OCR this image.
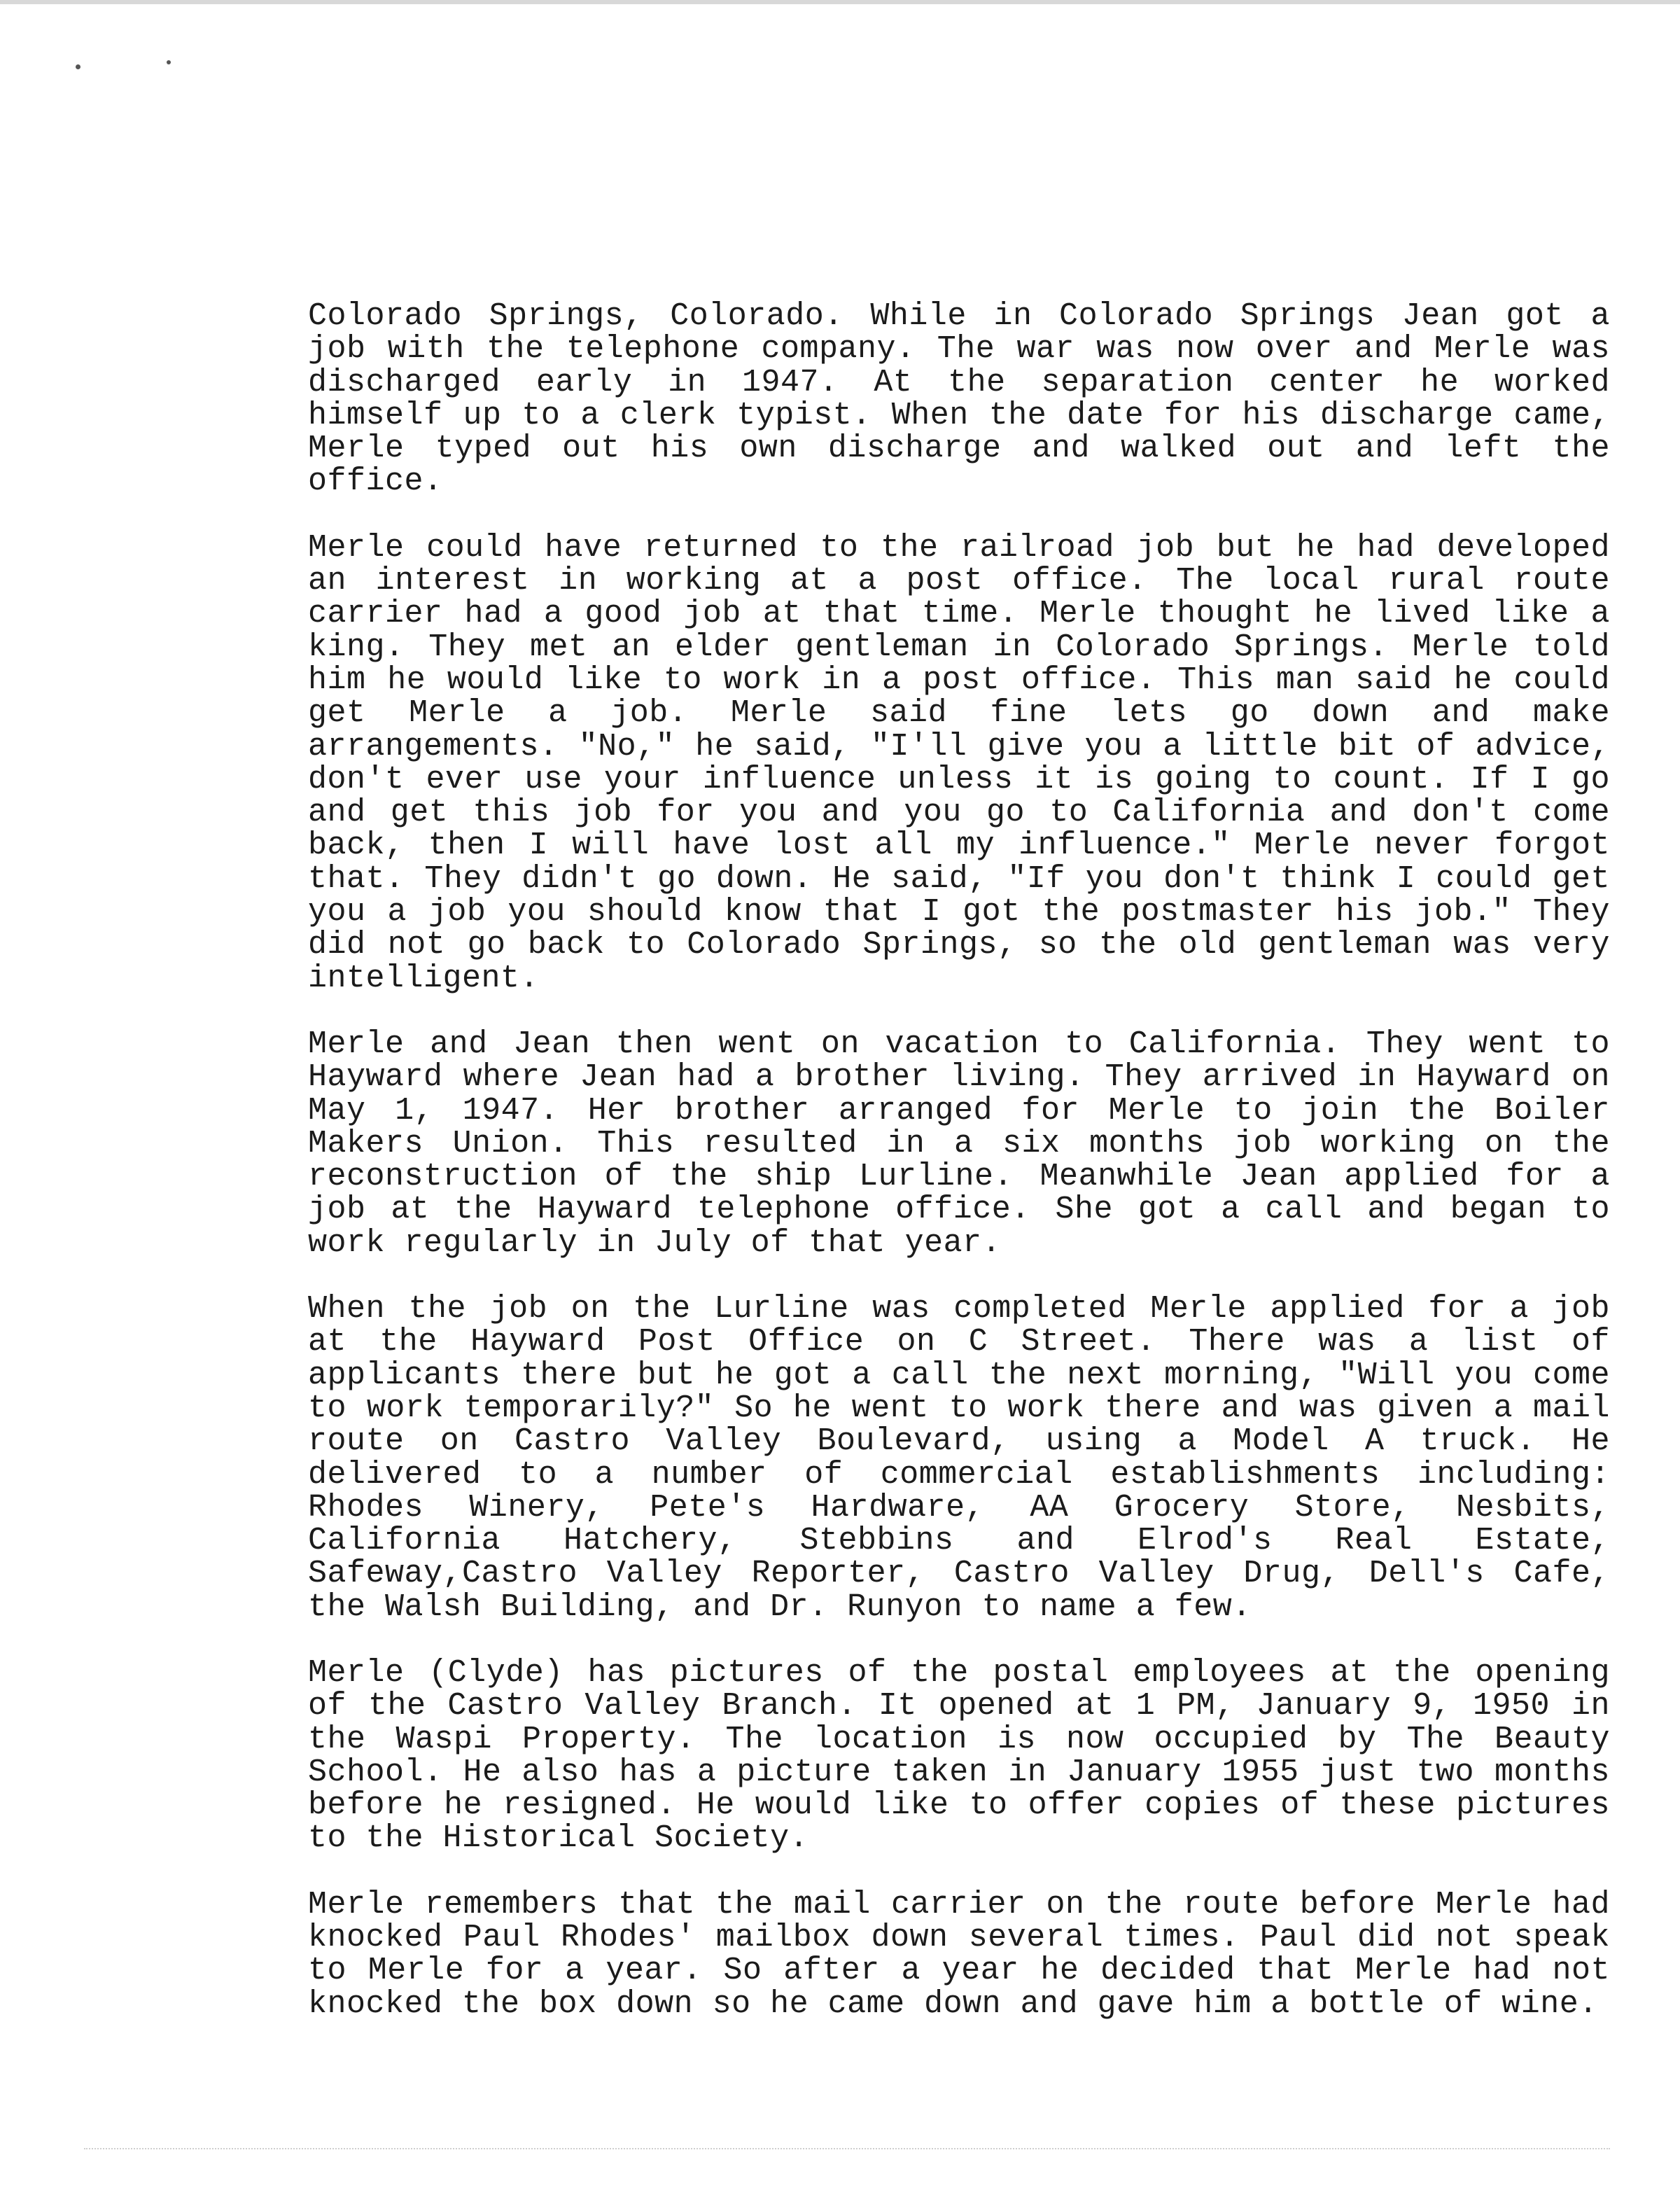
Colorado Springs, Colorado. While in Colorado Springs Jean got a job with the telephone company. The war was now over and Merle was discharged early in 1947. At the separation center he worked himself up to a clerk typist. When the date for his discharge came, Merle typed out his own discharge and walked out and left the office.

Merle could have returned to the railroad job but he had developed an interest in working at a post office. The local rural route carrier had a good job at that time. Merle thought he lived like a king. They met an elder gentleman in Colorado Springs. Merle told him he would like to work in a post office. This man said he could get Merle a job. Merle said fine lets go down and make arrangements. "No," he said, "I'll give you a little bit of advice, don't ever use your influence unless it is going to count. If I go and get this job for you and you go to California and don't come back, then I will have lost all my influence." Merle never forgot that. They didn't go down. He said, "If you don't think I could get you a job you should know that I got the postmaster his job." They did not go back to Colorado Springs, so the old gentleman was very intelligent.

Merle and Jean then went on vacation to California. They went to Hayward where Jean had a brother living. They arrived in Hayward on May 1, 1947. Her brother arranged for Merle to join the Boiler Makers Union. This resulted in a six months job working on the reconstruction of the ship Lurline. Meanwhile Jean applied for a job at the Hayward telephone office. She got a call and began to work regularly in July of that year.

When the job on the Lurline was completed Merle applied for a job at the Hayward Post Office on C Street. There was a list of applicants there but he got a call the next morning, "Will you come to work temporarily?" So he went to work there and was given a mail route on Castro Valley Boulevard, using a Model A truck. He delivered to a number of commercial establishments including: Rhodes Winery, Pete's Hardware, AA Grocery Store, Nesbits, California Hatchery, Stebbins and Elrod's Real Estate, Safeway,Castro Valley Reporter, Castro Valley Drug, Dell's Cafe, the Walsh Building, and Dr. Runyon to name a few.

Merle (Clyde) has pictures of the postal employees at the opening of the Castro Valley Branch. It opened at 1 PM, January 9, 1950 in the Waspi Property. The location is now occupied by The Beauty School. He also has a picture taken in January 1955 just two months before he resigned. He would like to offer copies of these pictures to the Historical Society.

Merle remembers that the mail carrier on the route before Merle had knocked Paul Rhodes' mailbox down several times. Paul did not speak to Merle for a year. So after a year he decided that Merle had not knocked the box down so he came down and gave him a bottle of wine.
